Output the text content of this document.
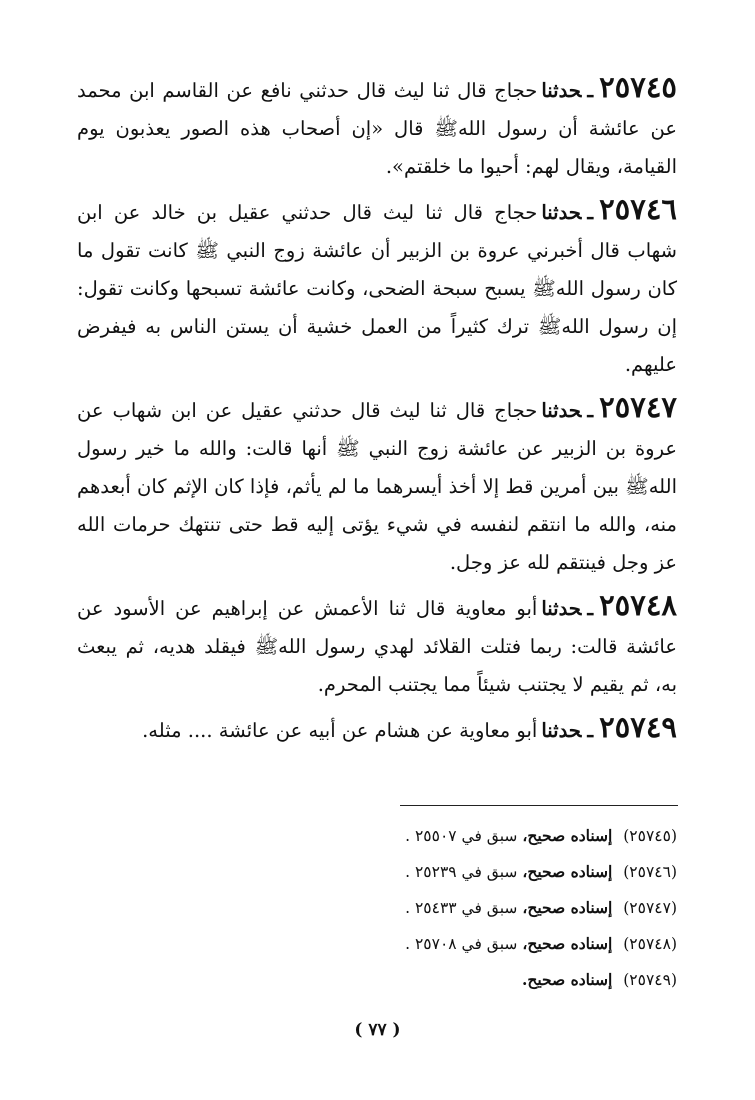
٢٥٧٤٥ـحدثناحجاج قال ثنا ليث قال حدثني نافع عن القاسم ابن محمد عن عائشة أن رسول اللهﷺ قال «إن أصحاب هذه الصور يعذبون يوم القيامة، ويقال لهم: أحيوا ما خلقتم».

٢٥٧٤٦ـحدثناحجاج قال ثنا ليث قال حدثني عقيل بن خالد عن ابن شهاب قال أخبرني عروة بن الزبير أن عائشة زوج النبي ﷺ كانت تقول ما كان رسول اللهﷺ يسبح سبحة الضحى، وكانت عائشة تسبحها وكانت تقول: إن رسول اللهﷺ ترك كثيراً من العمل خشية أن يستن الناس به فيفرض عليهم.

٢٥٧٤٧ـحدثناحجاج قال ثنا ليث قال حدثني عقيل عن ابن شهاب عن عروة بن الزبير عن عائشة زوج النبي ﷺ أنها قالت: والله ما خير رسول اللهﷺ بين أمرين قط إلا أخذ أيسرهما ما لم يأثم، فإذا كان الإثم كان أبعدهم منه، والله ما انتقم لنفسه في شيء يؤتى إليه قط حتى تنتهك حرمات الله عز وجل فينتقم لله عز وجل.

٢٥٧٤٨ـحدثناأبو معاوية قال ثنا الأعمش عن إبراهيم عن الأسود عن عائشة قالت: ربما فتلت القلائد لهدي رسول اللهﷺ فيقلد هديه، ثم يبعث به، ثم يقيم لا يجتنب شيئاً مما يجتنب المحرم.

٢٥٧٤٩ـحدثناأبو معاوية عن هشام عن أبيه عن عائشة .... مثله.

(٢٥٧٤٥) إسناده صحيح، سبق في ٢٥٥٠٧ .
(٢٥٧٤٦) إسناده صحيح، سبق في ٢٥٢٣٩ .
(٢٥٧٤٧) إسناده صحيح، سبق في ٢٥٤٣٣ .
(٢٥٧٤٨) إسناده صحيح، سبق في ٢٥٧٠٨ .
(٢٥٧٤٩) إسناده صحيح.
( ٧٧ )
